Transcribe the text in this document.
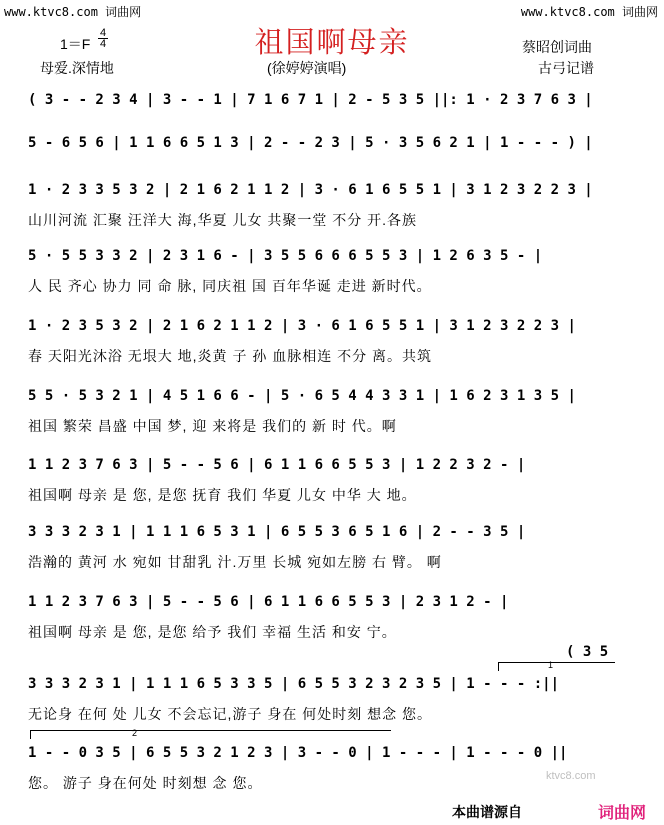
www.ktvc8.com 词曲网	www.ktvc8.com 词曲网
祖国啊母亲
1＝F
4
4	蔡昭创词曲
母爱.深情地	(徐婷婷演唱)	古弓记谱
( 3 - - 2 3 4 | 3 - - 1 | 7 1 6 7 1 | 2 - 5 3 5 ||: 1 · 2 3 7 6 3 |
5 - 6 5 6 | 1 1 6 6 5 1 3 | 2 - - 2 3 | 5 · 3 5 6 2 1 | 1 - - - ) |
1 · 2 3 3 5 3 2 | 2 1 6 2 1 1 2 | 3 · 6 1 6 5 5 1 | 3 1 2 3 2 2 3 |
山川河流 汇聚 汪洋大 海,华夏 儿女 共聚一堂 不分 开.各族
5 · 5 5 3 3 2 | 2 3 1 6 - | 3 5 5 6 6 6 5 5 3 | 1 2 6 3 5 - |
人 民 齐心 协力 同 命 脉, 同庆祖 国 百年华诞 走进 新时代。
1 · 2 3 5 3 2 | 2 1 6 2 1 1 2 | 3 · 6 1 6 5 5 1 | 3 1 2 3 2 2 3 |
春 天阳光沐浴 无垠大 地,炎黄 子 孙 血脉相连 不分 离。共筑
5 5 · 5 3 2 1 | 4 5 1 6 6 - | 5 · 6 5 4 4 3 3 1 | 1 6 2 3 1 3 5 |
祖国 繁荣 昌盛 中国 梦, 迎 来将是 我们的 新 时 代。啊
1 1 2 3 7 6 3 | 5 - - 5 6 | 6 1 1 6 6 5 5 3 | 1 2 2 3 2 - |
祖国啊 母亲 是 您, 是您 抚育 我们 华夏 儿女 中华 大 地。
3 3 3 2 3 1 | 1 1 1 6 5 3 1 | 6 5 5 3 6 5 1 6 | 2 - - 3 5 |
浩瀚的 黄河 水 宛如 甘甜乳 汁.万里 长城 宛如左膀 右 臂。 啊
1 1 2 3 7 6 3 | 5 - - 5 6 | 6 1 1 6 6 5 5 3 | 2 3 1 2 - |
祖国啊 母亲 是 您, 是您 给予 我们 幸福 生活 和安 宁。
3 3 3 2 3 1 | 1 1 1 6 5 3 3 5 | 6 5 5 3 2 3 2 3 5 | 1 - - - :||
无论身 在何 处 儿女 不会忘记,游子 身在 何处时刻 想念 您。
1 - - 0 3 5 | 6 5 5 3 2 1 2 3 | 3 - - 0 | 1 - - - | 1 - - - 0 ||
您。 游子 身在何处 时刻想 念 您。
1
2
( 3 5
ktvc8.com
本曲谱源自	词曲网
